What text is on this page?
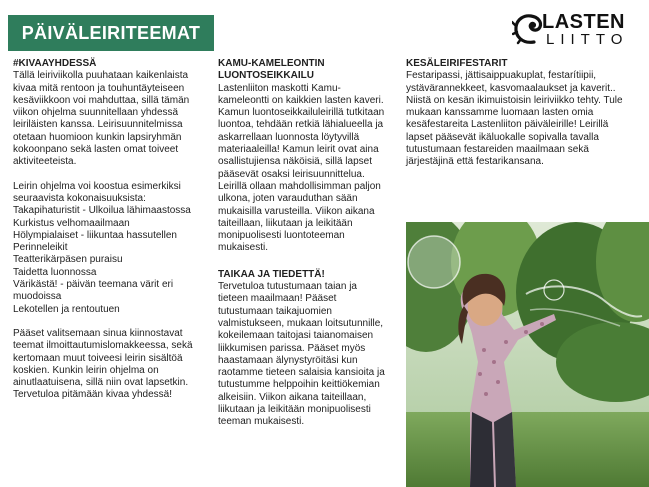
PÄIVÄLEIRITEEMAT	LASTEN
LIITTO

#KIVAAYHDESSÄ

Tällä leiriviikolla puuhataan kaikenlaista kivaa mitä rentoon ja touhuntäyteiseen kesäviikkoon voi mahduttaa, sillä tämän viikon ohjelma suunnitellaan yhdessä leiriläisten kanssa. Leirisuunnitelmissa otetaan huomioon kunkin lapsiryhmän kokoonpano sekä lasten omat toiveet aktiviteeteista.

Leirin ohjelma voi koostua esimerkiksi seuraavista kokonaisuuksista:
Takapihaturistit - Ulkoilua lähimaastossa
Kurkistus velhomaailmaan
Hölympialaiset - liikuntaa hassutellen
Perinneleikit
Teatterikärpäsen puraisu
Taidetta luonnossa
Värikästä! - päivän teemana värit eri
muodoissa
Lekotellen ja rentoutuen

Pääset valitsemaan sinua kiinnostavat teemat ilmoittautumislomakkeessa, sekä kertomaan muut toiveesi leirin sisältöä koskien. Kunkin leirin ohjelma on ainutlaatuisena, sillä niin ovat lapsetkin. Tervetuloa pitämään kivaa yhdessä!

KAMU-KAMELEONTIN LUONTOSEIKKAILU

Lastenliiton maskotti Kamu-kameleontti on kaikkien lasten kaveri. Kamun luontoseikkailuleirillä tutkitaan luontoa, tehdään retkiä lähialueella ja askarrellaan luonnosta löytyvillä materiaaleilla! Kamun leirit ovat aina osallistujiensa näköisiä, sillä lapset pääsevät osaksi leirisuunnittelua. Leirillä ollaan mahdollisimman paljon ulkona, joten varauduthan sään mukaisilla varusteilla. Viikon aikana taiteillaan, liikutaan ja leikitään monipuolisesti luontoteeman mukaisesti.

TAIKAA JA TIEDETTÄ!

Tervetuloa tutustumaan taian ja tieteen maailmaan! Pääset tutustumaan taikajuomien valmistukseen, mukaan loitsutunnille, kokeilemaan taitojasi taianomaisen liikkumisen parissa. Pääset myös haastamaan älynystyröitäsi kun raotamme tieteen salaisia kansioita ja tutustumme helppoihin keittiökemian alkeisiin. Viikon aikana taiteillaan, liikutaan ja leikitään monipuolisesti teeman mukaisesti.

KESÄLEIRIFESTARIT

Festaripassi, jättisaippuakuplat, festarítiipii, ystävärannekkeet, kasvomaalaukset ja kaverit.. Niistä on kesän ikimuistoisin leiriviikko tehty. Tule mukaan kanssamme luomaan lasten omia kesäfestareita Lastenliiton päiväleirille! Leirillä lapset pääsevät ikäluokalle sopivalla tavalla tutustumaan festareiden maailmaan sekä järjestäjinä että festarikansana.
